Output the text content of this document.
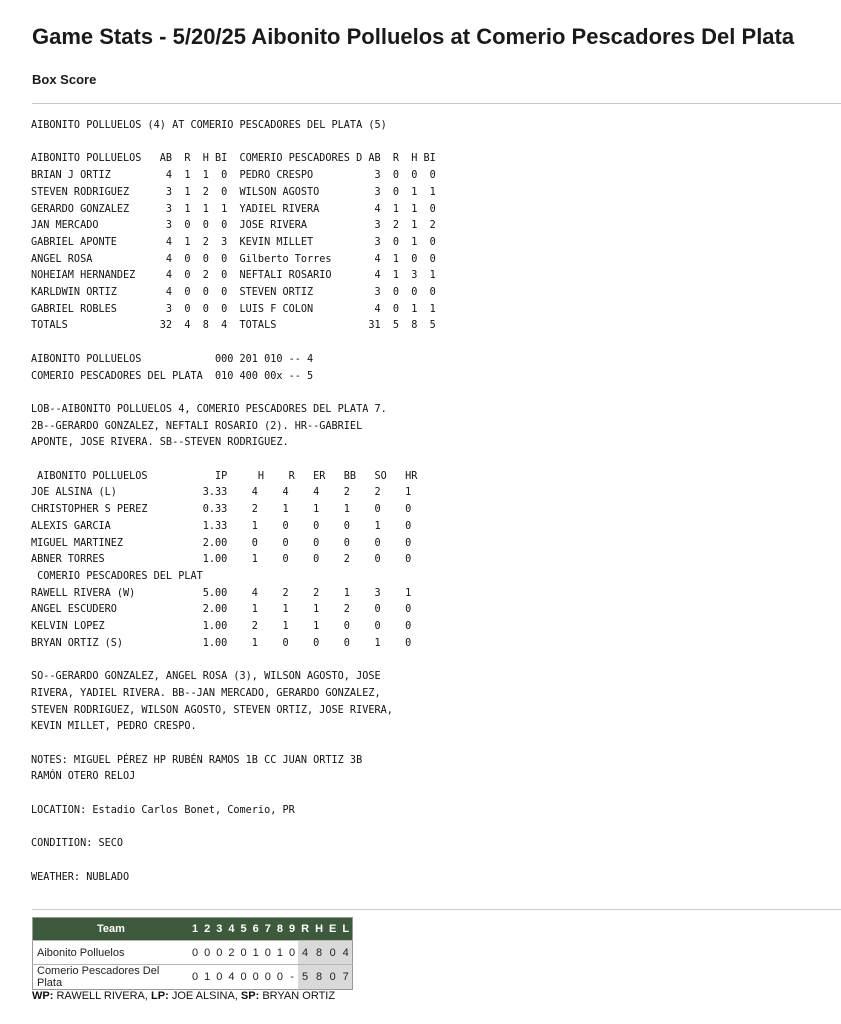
Game Stats - 5/20/25 Aibonito Polluelos at Comerio Pescadores Del Plata
Box Score
AIBONITO POLLUELOS (4) AT COMERIO PESCADORES DEL PLATA (5)

AIBONITO POLLUELOS   AB  R  H BI  COMERIO PESCADORES D AB  R  H BI
BRIAN J ORTIZ         4  1  1  0  PEDRO CRESPO          3  0  0  0
STEVEN RODRIGUEZ      3  1  2  0  WILSON AGOSTO         3  0  1  1
GERARDO GONZALEZ      3  1  1  1  YADIEL RIVERA         4  1  1  0
JAN MERCADO           3  0  0  0  JOSE RIVERA           3  2  1  2
GABRIEL APONTE        4  1  2  3  KEVIN MILLET          3  0  1  0
ANGEL ROSA            4  0  0  0  Gilberto Torres       4  1  0  0
NOHEIAM HERNANDEZ     4  0  2  0  NEFTALI ROSARIO       4  1  3  1
KARLDWIN ORTIZ        4  0  0  0  STEVEN ORTIZ          3  0  0  0
GABRIEL ROBLES        3  0  0  0  LUIS F COLON          4  0  1  1
TOTALS               32  4  8  4  TOTALS               31  5  8  5

AIBONITO POLLUELOS            000 201 010 -- 4
COMERIO PESCADORES DEL PLATA  010 400 00x -- 5

LOB--AIBONITO POLLUELOS 4, COMERIO PESCADORES DEL PLATA 7.
2B--GERARDO GONZALEZ, NEFTALI ROSARIO (2). HR--GABRIEL
APONTE, JOSE RIVERA. SB--STEVEN RODRIGUEZ.

AIBONITO POLLUELOS           IP     H    R   ER   BB   SO   HR
JOE ALSINA (L)              3.33    4    4    4    2    2    1
CHRISTOPHER S PEREZ         0.33    2    1    1    1    0    0
ALEXIS GARCIA               1.33    1    0    0    0    1    0
MIGUEL MARTINEZ             2.00    0    0    0    0    0    0
ABNER TORRES                1.00    1    0    0    2    0    0
COMERIO PESCADORES DEL PLAT
RAWELL RIVERA (W)           5.00    4    2    2    1    3    1
ANGEL ESCUDERO              2.00    1    1    1    2    0    0
KELVIN LOPEZ                1.00    2    1    1    0    0    0
BRYAN ORTIZ (S)             1.00    1    0    0    0    1    0

SO--GERARDO GONZALEZ, ANGEL ROSA (3), WILSON AGOSTO, JOSE
RIVERA, YADIEL RIVERA. BB--JAN MERCADO, GERARDO GONZALEZ,
STEVEN RODRIGUEZ, WILSON AGOSTO, STEVEN ORTIZ, JOSE RIVERA,
KEVIN MILLET, PEDRO CRESPO.

NOTES: MIGUEL PÉREZ HP RUBÉN RAMOS 1B CC JUAN ORTIZ 3B
RAMÓN OTERO RELOJ

LOCATION: Estadio Carlos Bonet, Comerio, PR

CONDITION: SECO

WEATHER: NUBLADO
Team	1	2	3	4	5	6	7	8	9	R	H	E	L
Aibonito Polluelos	0	0	0	2	0	1	0	1	0	4	8	0	4
Comerio Pescadores Del Plata	0	1	0	4	0	0	0	0	-	5	8	0	7

WP: RAWELL RIVERA, LP: JOE ALSINA, SP: BRYAN ORTIZ
